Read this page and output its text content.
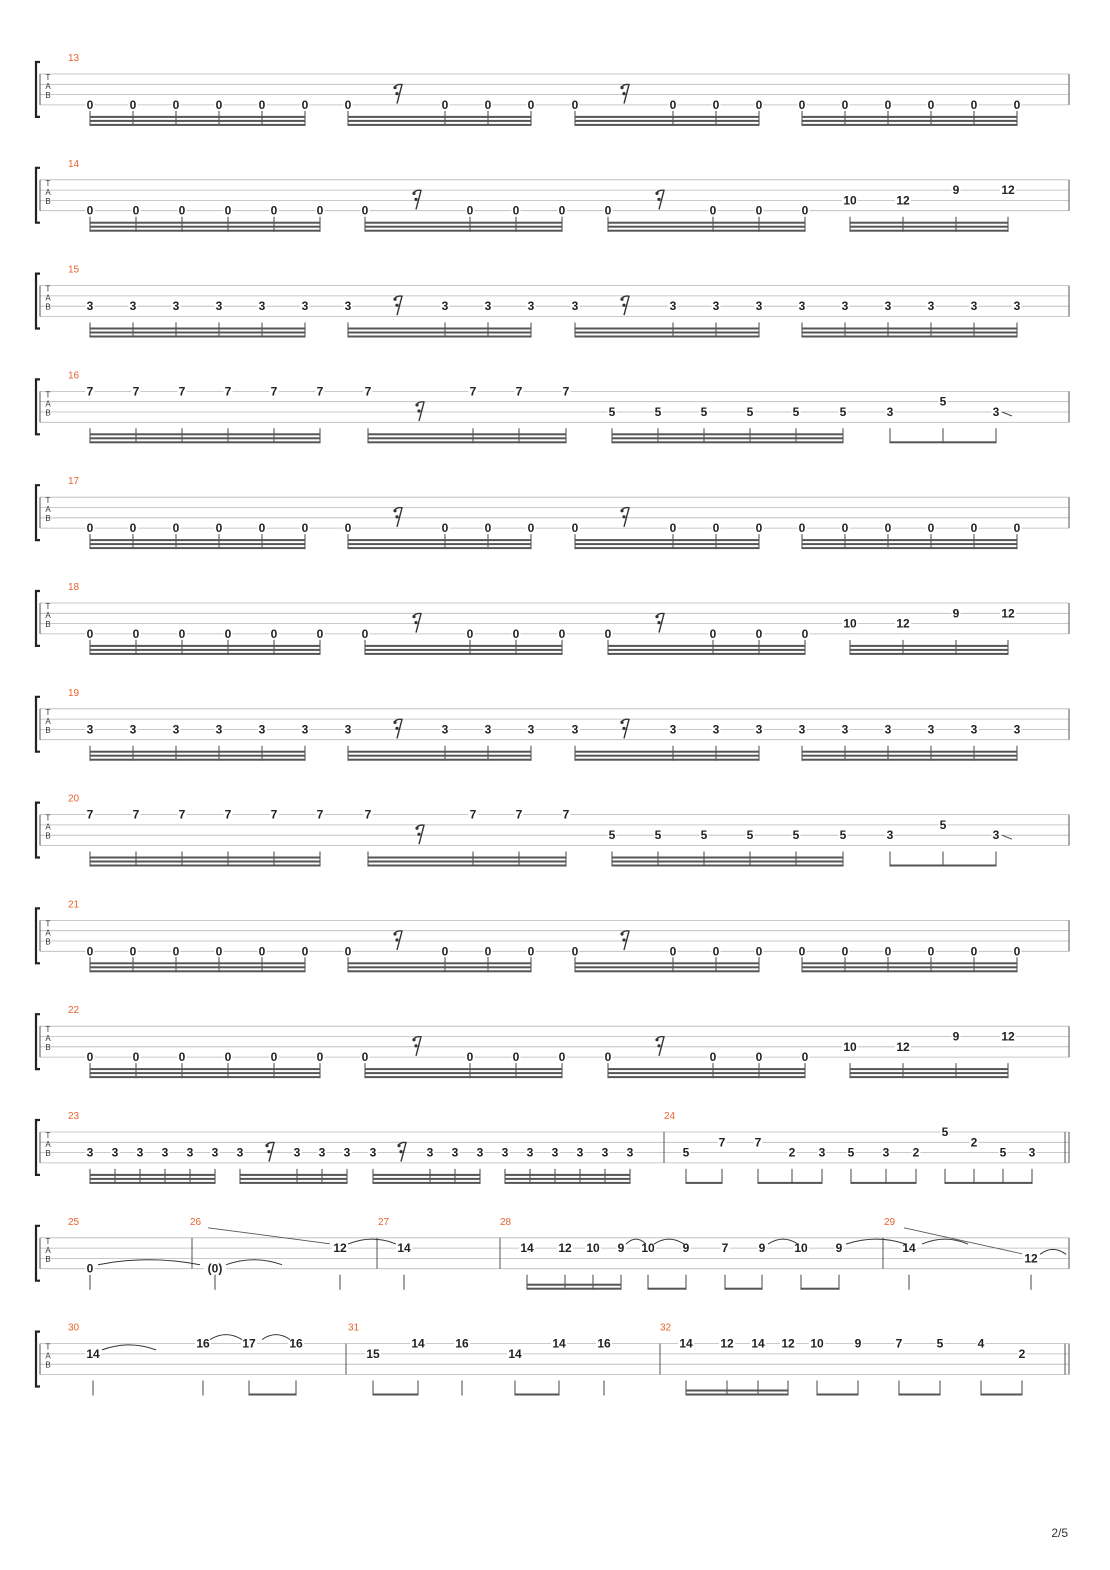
T
A
B
13
0	0	0	0	0	0	0	0	0	0	0	0	0	0	0	0	0	0	0	0
T
A
B
14
0	0	0	0	0	0	0	0	0	0	0	0	0	0
10	12
9	12
T
A
B
15
3	3	3	3	3	3	3	3	3	3	3	3	3	3	3	3	3	3	3	3
T
A
B
16
7	7	7	7	7	7	7	7	7	7
5	5	5	5	5	5	3
5
3
T
A
B
17
0	0	0	0	0	0	0	0	0	0	0	0	0	0	0	0	0	0	0	0
T
A
B
18
0	0	0	0	0	0	0	0	0	0	0	0	0	0
10	12
9	12
T
A
B
19
3	3	3	3	3	3	3	3	3	3	3	3	3	3	3	3	3	3	3	3
T
A
B
20
7	7	7	7	7	7	7	7	7	7
5	5	5	5	5	5	3
5
3
T
A
B
21
0	0	0	0	0	0	0	0	0	0	0	0	0	0	0	0	0	0	0	0
T
A
B
22
0	0	0	0	0	0	0	0	0	0	0	0	0	0
10	12
9	12
T
A
B
23
3 3 3 3 3 3 3	3 3 3 3	3 3 3 3 3 3 3 3 3
24
5
7 7
2 3 5 3 2
5
2
5 3
T
A
B
25
0
26
(0)
12
27
14
28
14 12 10 9 10 9	7	9 10 9
29
14
12
T
A
B
30
14
16	17	16
31
15
14	16
14
14	16
32
14 12 14 12 10	9	7	5	4
2
2/5
